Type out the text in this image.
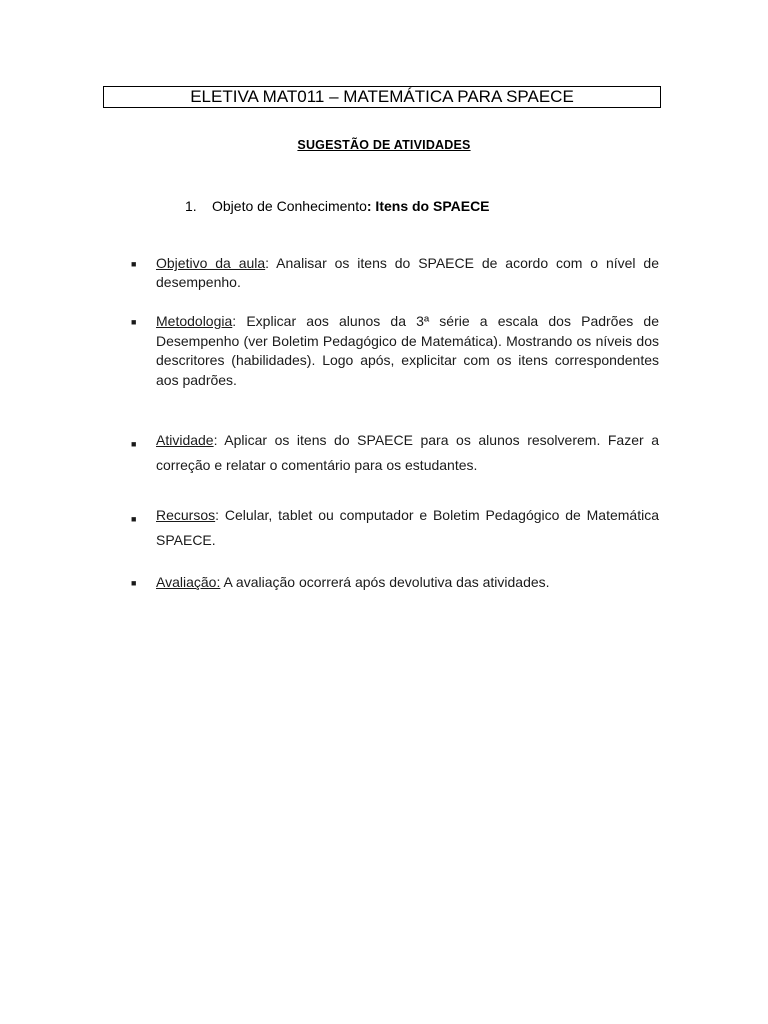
ELETIVA MAT011 – MATEMÁTICA PARA SPAECE
SUGESTÃO DE ATIVIDADES
1. Objeto de Conhecimento: Itens do SPAECE
■	Objetivo da aula: Analisar os itens do SPAECE de acordo com o nível de desempenho.
■	Metodologia: Explicar aos alunos da 3ª série a escala dos Padrões de Desempenho (ver Boletim Pedagógico de Matemática). Mostrando os níveis dos descritores (habilidades). Logo após, explicitar com os itens correspondentes aos padrões.
■	Atividade: Aplicar os itens do SPAECE para os alunos resolverem. Fazer a correção e relatar o comentário para os estudantes.
■	Recursos: Celular, tablet ou computador e Boletim Pedagógico de Matemática SPAECE.
■	Avaliação: A avaliação ocorrerá após devolutiva das atividades.
